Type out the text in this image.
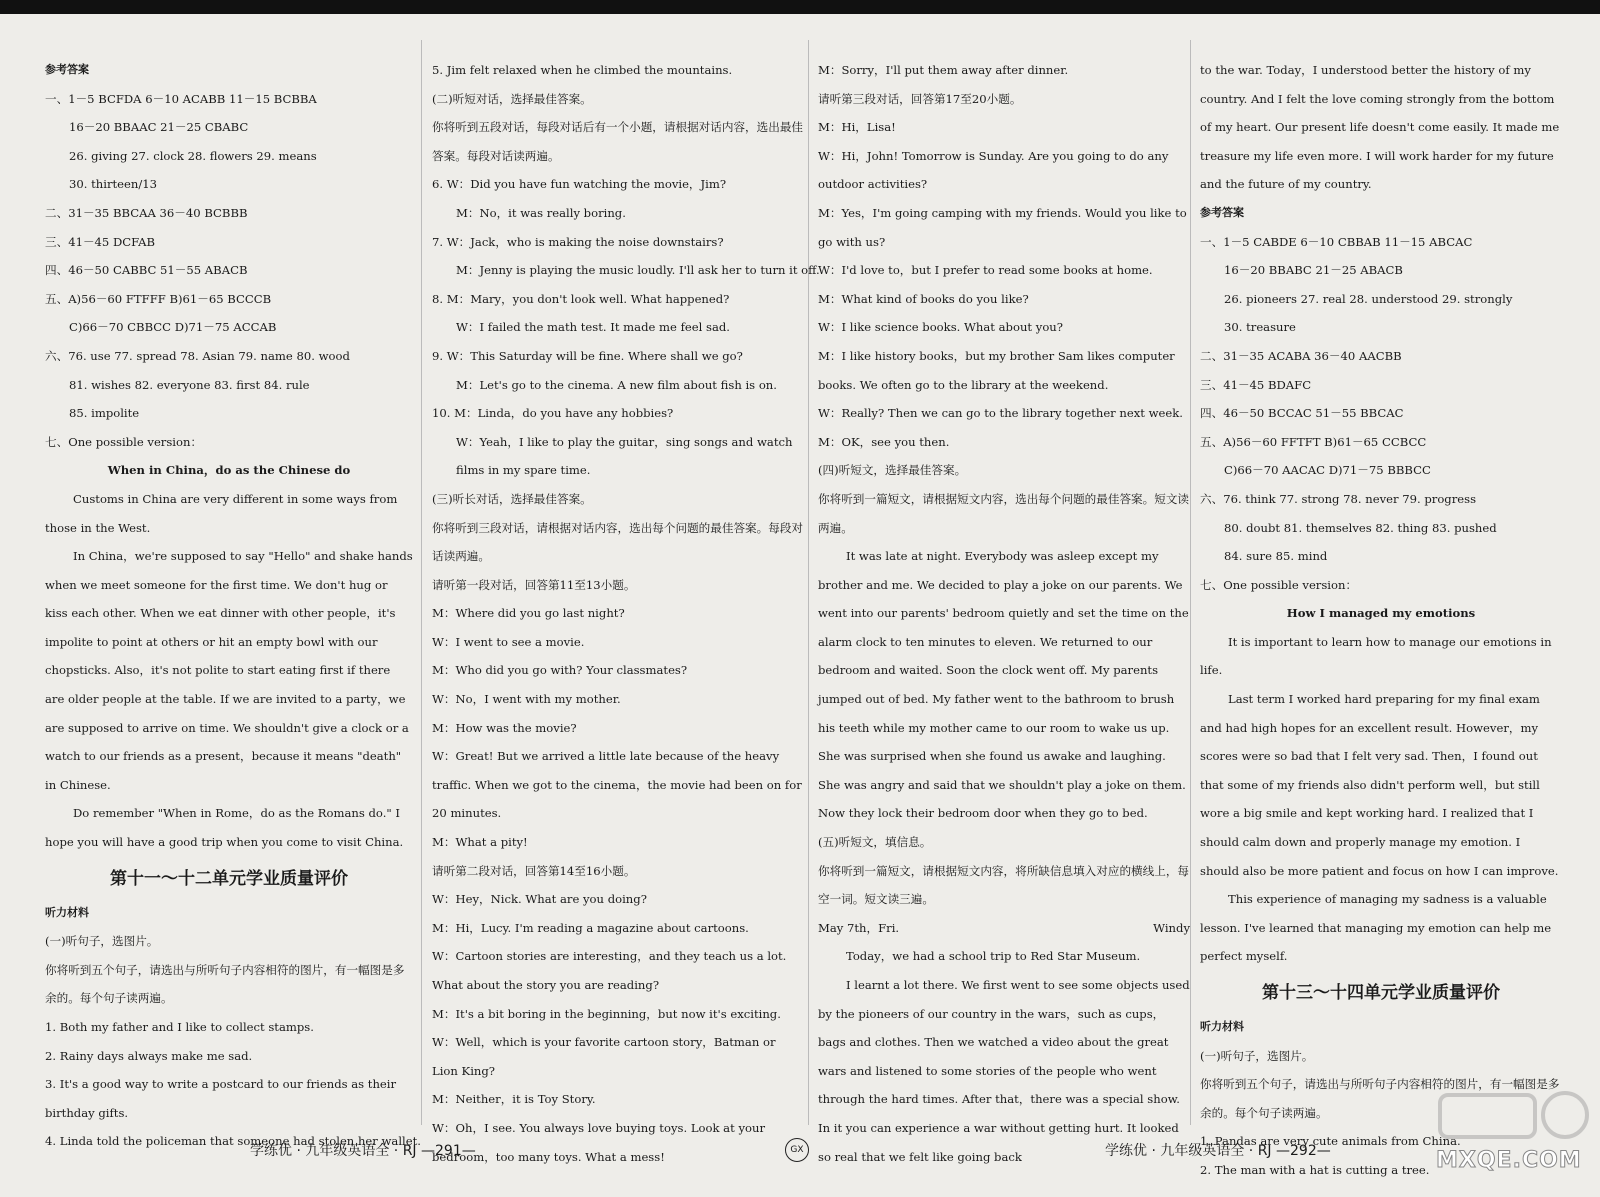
参考答案

一、1－5 BCFDA 6－10 ACABB 11－15 BCBBA

16－20 BBAAC 21－25 CBABC

26. giving 27. clock 28. flowers 29. means

30. thirteen/13

二、31－35 BBCAA 36－40 BCBBB

三、41－45 DCFAB

四、46－50 CABBC 51－55 ABACB

五、A)56－60 FTFFF B)61－65 BCCCB

C)66－70 CBBCC D)71－75 ACCAB

六、76. use 77. spread 78. Asian 79. name 80. wood

81. wishes 82. everyone 83. first 84. rule

85. impolite

七、One possible version：

When in China，do as the Chinese do

Customs in China are very different in some ways from those in the West.

In China，we're supposed to say "Hello" and shake hands when we meet someone for the first time. We don't hug or kiss each other. When we eat dinner with other people，it's impolite to point at others or hit an empty bowl with our chopsticks. Also，it's not polite to start eating first if there are older people at the table. If we are invited to a party，we are supposed to arrive on time. We shouldn't give a clock or a watch to our friends as a present，because it means "death" in Chinese.

Do remember "When in Rome，do as the Romans do." I hope you will have a good trip when you come to visit China.

第十一～十二单元学业质量评价

听力材料

(一)听句子，选图片。

你将听到五个句子，请选出与所听句子内容相符的图片，有一幅图是多余的。每个句子读两遍。

1. Both my father and I like to collect stamps.

2. Rainy days always make me sad.

3. It's a good way to write a postcard to our friends as their birthday gifts.

4. Linda told the policeman that someone had stolen her wallet.

5. Jim felt relaxed when he climbed the mountains.

(二)听短对话，选择最佳答案。

你将听到五段对话，每段对话后有一个小题，请根据对话内容，选出最佳答案。每段对话读两遍。

6. W：Did you have fun watching the movie，Jim?

M：No，it was really boring.

7. W：Jack，who is making the noise downstairs?

M：Jenny is playing the music loudly. I'll ask her to turn it off.

8. M：Mary，you don't look well. What happened?

W：I failed the math test. It made me feel sad.

9. W：This Saturday will be fine. Where shall we go?

M：Let's go to the cinema. A new film about fish is on.

10. M：Linda，do you have any hobbies?

W：Yeah，I like to play the guitar，sing songs and watch films in my spare time.

(三)听长对话，选择最佳答案。

你将听到三段对话，请根据对话内容，选出每个问题的最佳答案。每段对话读两遍。

请听第一段对话，回答第11至13小题。

M：Where did you go last night?

W：I went to see a movie.

M：Who did you go with? Your classmates?

W：No，I went with my mother.

M：How was the movie?

W：Great! But we arrived a little late because of the heavy traffic. When we got to the cinema，the movie had been on for 20 minutes.

M：What a pity!

请听第二段对话，回答第14至16小题。

W：Hey，Nick. What are you doing?

M：Hi，Lucy. I'm reading a magazine about cartoons.

W：Cartoon stories are interesting，and they teach us a lot. What about the story you are reading?

M：It's a bit boring in the beginning，but now it's exciting.

W：Well，which is your favorite cartoon story，Batman or Lion King?

M：Neither，it is Toy Story.

W：Oh，I see. You always love buying toys. Look at your bedroom，too many toys. What a mess!

M：Sorry，I'll put them away after dinner.

请听第三段对话，回答第17至20小题。

M：Hi，Lisa!

W：Hi，John! Tomorrow is Sunday. Are you going to do any outdoor activities?

M：Yes，I'm going camping with my friends. Would you like to go with us?

W：I'd love to，but I prefer to read some books at home.

M：What kind of books do you like?

W：I like science books. What about you?

M：I like history books，but my brother Sam likes computer books. We often go to the library at the weekend.

W：Really? Then we can go to the library together next week.

M：OK，see you then.

(四)听短文，选择最佳答案。

你将听到一篇短文，请根据短文内容，选出每个问题的最佳答案。短文读两遍。

It was late at night. Everybody was asleep except my brother and me. We decided to play a joke on our parents. We went into our parents' bedroom quietly and set the time on the alarm clock to ten minutes to eleven. We returned to our bedroom and waited. Soon the clock went off. My parents jumped out of bed. My father went to the bathroom to brush his teeth while my mother came to our room to wake us up. She was surprised when she found us awake and laughing. She was angry and said that we shouldn't play a joke on them. Now they lock their bedroom door when they go to bed.

(五)听短文，填信息。

你将听到一篇短文，请根据短文内容，将所缺信息填入对应的横线上，每空一词。短文读三遍。

May 7th，Fri.	Windy

Today，we had a school trip to Red Star Museum.

I learnt a lot there. We first went to see some objects used by the pioneers of our country in the wars，such as cups，bags and clothes. Then we watched a video about the great wars and listened to some stories of the people who went through the hard times. After that，there was a special show. In it you can experience a war without getting hurt. It looked so real that we felt like going back

to the war. Today，I understood better the history of my country. And I felt the love coming strongly from the bottom of my heart. Our present life doesn't come easily. It made me treasure my life even more. I will work harder for my future and the future of my country.

参考答案

一、1－5 CABDE 6－10 CBBAB 11－15 ABCAC

16－20 BBABC 21－25 ABACB

26. pioneers 27. real 28. understood 29. strongly

30. treasure

二、31－35 ACABA 36－40 AACBB

三、41－45 BDAFC

四、46－50 BCCAC 51－55 BBCAC

五、A)56－60 FFTFT B)61－65 CCBCC

C)66－70 AACAC D)71－75 BBBCC

六、76. think 77. strong 78. never 79. progress

80. doubt 81. themselves 82. thing 83. pushed

84. sure 85. mind

七、One possible version：

How I managed my emotions

It is important to learn how to manage our emotions in life.

Last term I worked hard preparing for my final exam and had high hopes for an excellent result. However，my scores were so bad that I felt very sad. Then，I found out that some of my friends also didn't perform well，but still wore a big smile and kept working hard. I realized that I should calm down and properly manage my emotion. I should also be more patient and focus on how I can improve.

This experience of managing my sadness is a valuable lesson. I've learned that managing my emotion can help me perfect myself.

第十三～十四单元学业质量评价

听力材料

(一)听句子，选图片。

你将听到五个句子，请选出与所听句子内容相符的图片，有一幅图是多余的。每个句子读两遍。

1. Pandas are very cute animals from China.

2. The man with a hat is cutting a tree.

学练优 · 九年级英语全 · RJ —291—	GX	学练优 · 九年级英语全 · RJ —292—	MXQE.COM
